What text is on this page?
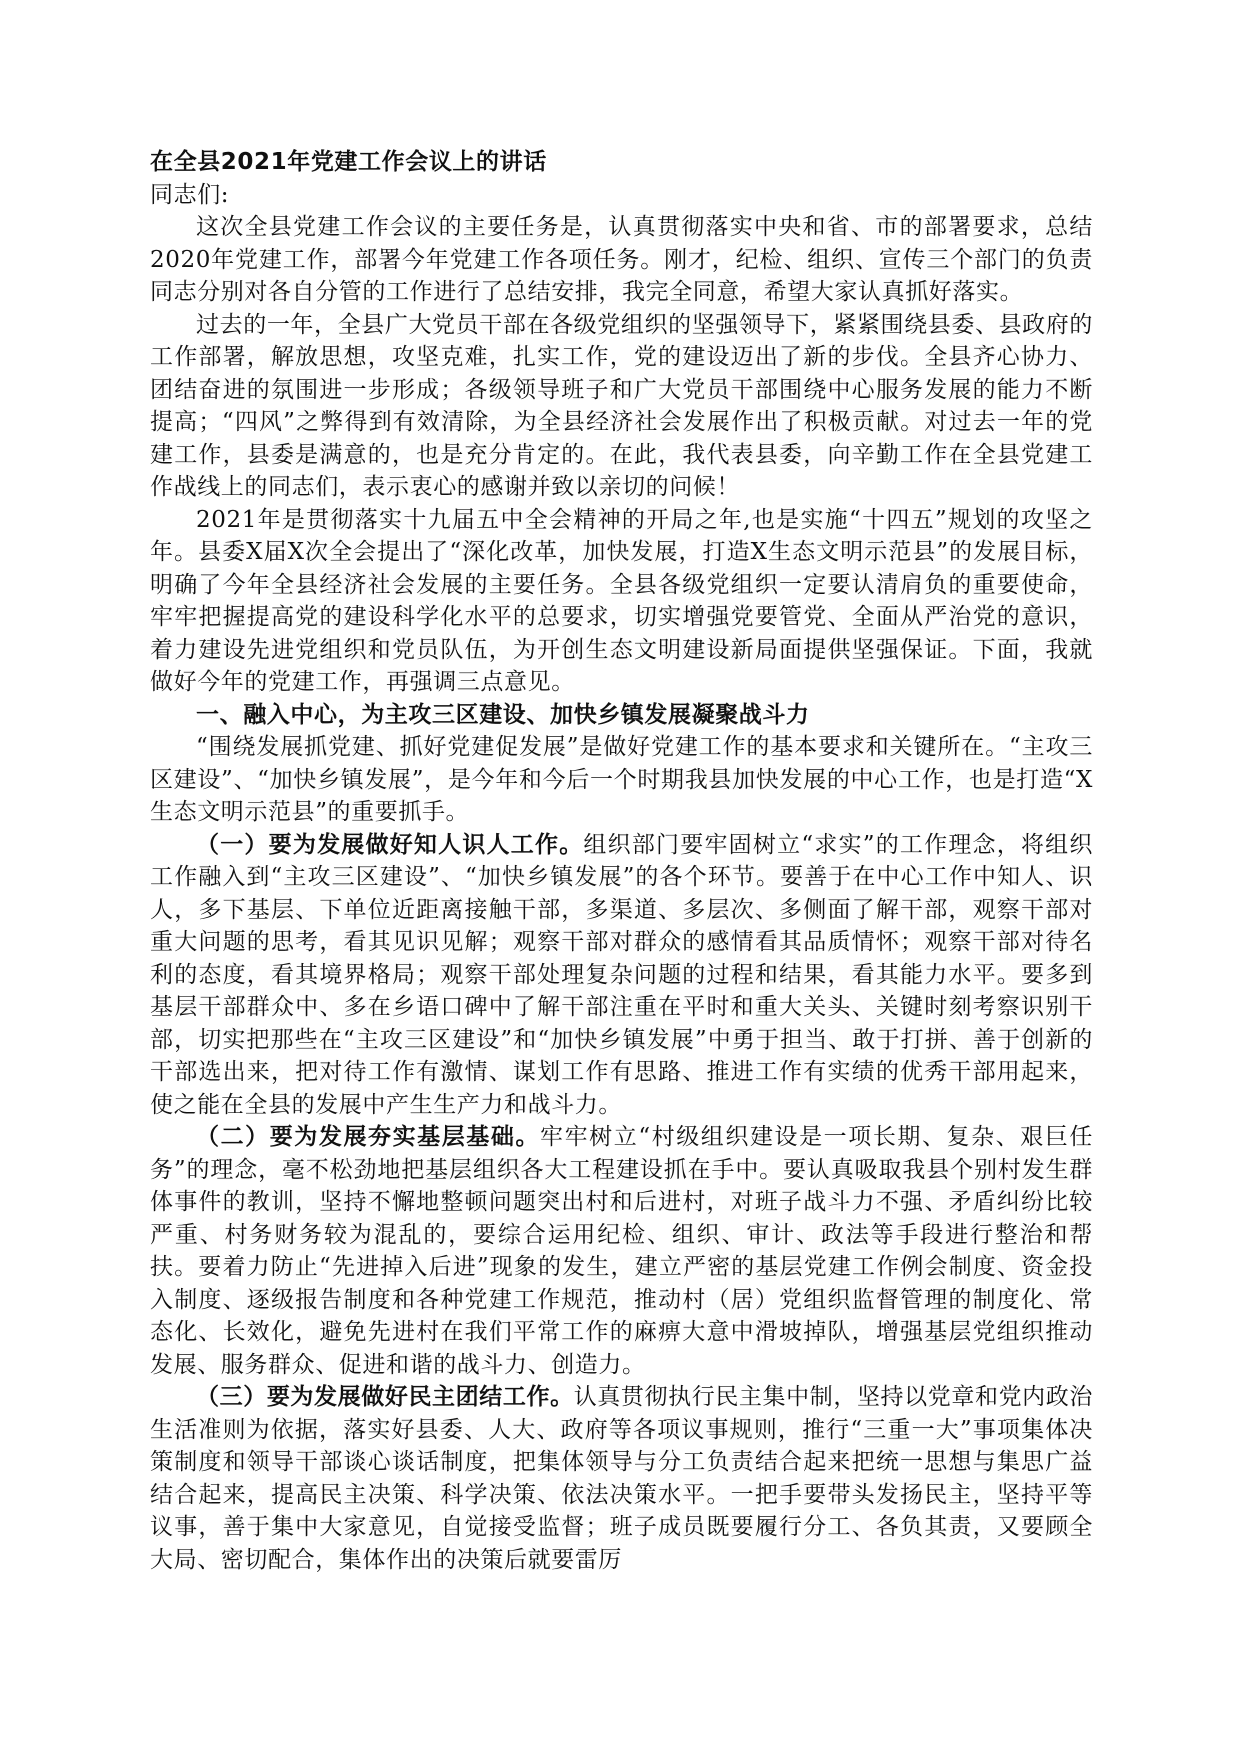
在全县2021年党建工作会议上的讲话

同志们:

这次全县党建工作会议的主要任务是，认真贯彻落实中央和省、市的部署要求，总结2020年党建工作，部署今年党建工作各项任务。刚才，纪检、组织、宣传三个部门的负责同志分别对各自分管的工作进行了总结安排，我完全同意，希望大家认真抓好落实。

过去的一年，全县广大党员干部在各级党组织的坚强领导下，紧紧围绕县委、县政府的工作部署，解放思想，攻坚克难，扎实工作，党的建设迈出了新的步伐。全县齐心协力、团结奋进的氛围进一步形成；各级领导班子和广大党员干部围绕中心服务发展的能力不断提高；“四风”之弊得到有效清除，为全县经济社会发展作出了积极贡献。对过去一年的党建工作，县委是满意的，也是充分肯定的。在此，我代表县委，向辛勤工作在全县党建工作战线上的同志们，表示衷心的感谢并致以亲切的问候！

2021年是贯彻落实十九届五中全会精神的开局之年,也是实施“十四五”规划的攻坚之年。县委X届X次全会提出了“深化改革，加快发展，打造X生态文明示范县”的发展目标，明确了今年全县经济社会发展的主要任务。全县各级党组织一定要认清肩负的重要使命，牢牢把握提高党的建设科学化水平的总要求，切实增强党要管党、全面从严治党的意识，着力建设先进党组织和党员队伍，为开创生态文明建设新局面提供坚强保证。下面，我就做好今年的党建工作，再强调三点意见。

一、融入中心，为主攻三区建设、加快乡镇发展凝聚战斗力

“围绕发展抓党建、抓好党建促发展”是做好党建工作的基本要求和关键所在。“主攻三区建设”、“加快乡镇发展”，是今年和今后一个时期我县加快发展的中心工作，也是打造“X生态文明示范县”的重要抓手。

（一）要为发展做好知人识人工作。组织部门要牢固树立“求实”的工作理念，将组织工作融入到“主攻三区建设”、“加快乡镇发展”的各个环节。要善于在中心工作中知人、识人，多下基层、下单位近距离接触干部，多渠道、多层次、多侧面了解干部，观察干部对重大问题的思考，看其见识见解；观察干部对群众的感情看其品质情怀；观察干部对待名利的态度，看其境界格局；观察干部处理复杂问题的过程和结果，看其能力水平。要多到基层干部群众中、多在乡语口碑中了解干部注重在平时和重大关头、关键时刻考察识别干部，切实把那些在“主攻三区建设”和“加快乡镇发展”中勇于担当、敢于打拼、善于创新的干部选出来，把对待工作有激情、谋划工作有思路、推进工作有实绩的优秀干部用起来，使之能在全县的发展中产生生产力和战斗力。

（二）要为发展夯实基层基础。牢牢树立“村级组织建设是一项长期、复杂、艰巨任务”的理念，毫不松劲地把基层组织各大工程建设抓在手中。要认真吸取我县个别村发生群体事件的教训，坚持不懈地整顿问题突出村和后进村，对班子战斗力不强、矛盾纠纷比较严重、村务财务较为混乱的，要综合运用纪检、组织、审计、政法等手段进行整治和帮扶。要着力防止“先进掉入后进”现象的发生，建立严密的基层党建工作例会制度、资金投入制度、逐级报告制度和各种党建工作规范，推动村（居）党组织监督管理的制度化、常态化、长效化，避免先进村在我们平常工作的麻痹大意中滑坡掉队，增强基层党组织推动发展、服务群众、促进和谐的战斗力、创造力。

（三）要为发展做好民主团结工作。认真贯彻执行民主集中制，坚持以党章和党内政治生活准则为依据，落实好县委、人大、政府等各项议事规则，推行“三重一大”事项集体决策制度和领导干部谈心谈话制度，把集体领导与分工负责结合起来把统一思想与集思广益结合起来，提高民主决策、科学决策、依法决策水平。一把手要带头发扬民主，坚持平等议事，善于集中大家意见，自觉接受监督；班子成员既要履行分工、各负其责，又要顾全大局、密切配合，集体作出的决策后就要雷厉
